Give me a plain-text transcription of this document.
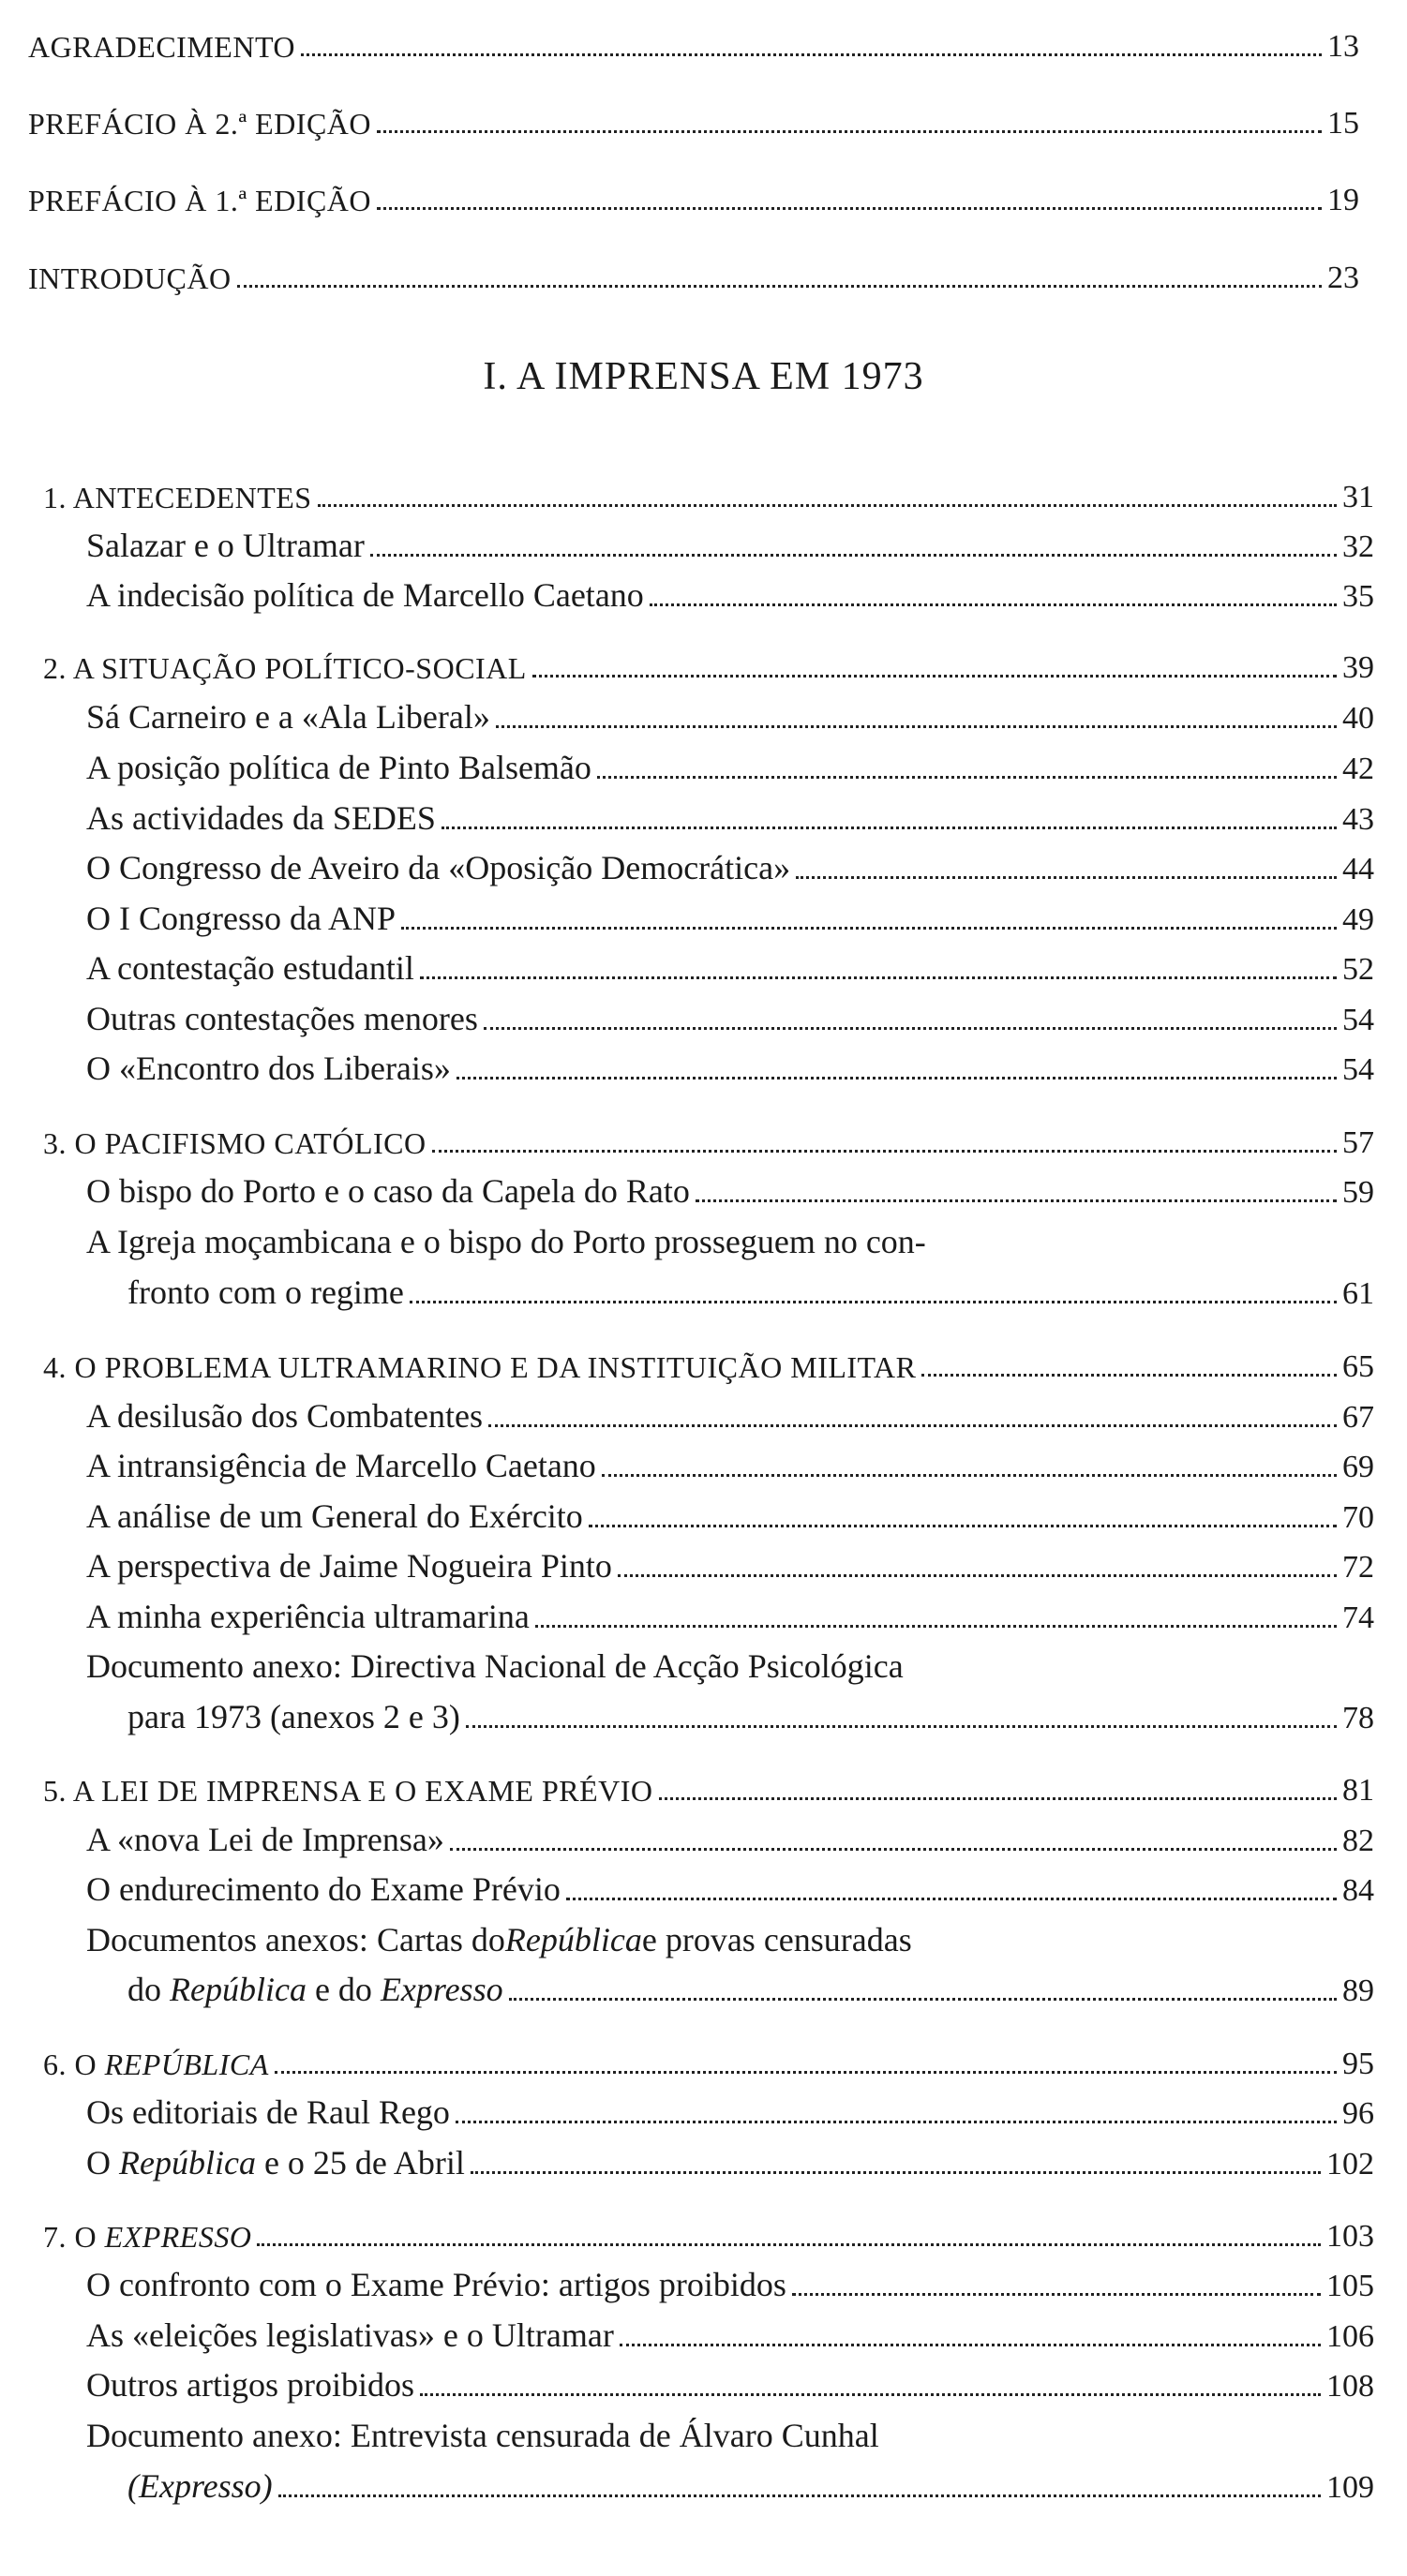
AGRADECIMENTO	13
PREFÁCIO À 2.ª EDIÇÃO	15
PREFÁCIO À 1.ª EDIÇÃO	19
INTRODUÇÃO	23
I. A IMPRENSA EM 1973
1. ANTECEDENTES	31
Salazar e o Ultramar	32
A indecisão política de Marcello Caetano	35
2. A SITUAÇÃO POLÍTICO-SOCIAL	39
Sá Carneiro e a «Ala Liberal»	40
A posição política de Pinto Balsemão	42
As actividades da SEDES	43
O Congresso de Aveiro da «Oposição Democrática»	44
O I Congresso da ANP	49
A contestação estudantil	52
Outras contestações menores	54
O «Encontro dos Liberais»	54
3. O PACIFISMO CATÓLICO	57
O bispo do Porto e o caso da Capela do Rato	59
A Igreja moçambicana e o bispo do Porto prosseguem no con-
fronto com o regime	61
4. O PROBLEMA ULTRAMARINO E DA INSTITUIÇÃO MILITAR	65
A desilusão dos Combatentes	67
A intransigência de Marcello Caetano	69
A análise de um General do Exército	70
A perspectiva de Jaime Nogueira Pinto	72
A minha experiência ultramarina	74
Documento anexo: Directiva Nacional de Acção Psicológica
para 1973 (anexos 2 e 3)	78
5. A LEI DE IMPRENSA E O EXAME PRÉVIO	81
A «nova Lei de Imprensa»	82
O endurecimento do Exame Prévio	84
Documentos anexos: Cartas do República e provas censuradas
do República e do Expresso	89
6. O REPÚBLICA	95
Os editoriais de Raul Rego	96
O República e o 25 de Abril	102
7. O EXPRESSO	103
O confronto com o Exame Prévio: artigos proibidos	105
As «eleições legislativas» e o Ultramar	106
Outros artigos proibidos	108
Documento anexo: Entrevista censurada de Álvaro Cunhal
(Expresso)	109
